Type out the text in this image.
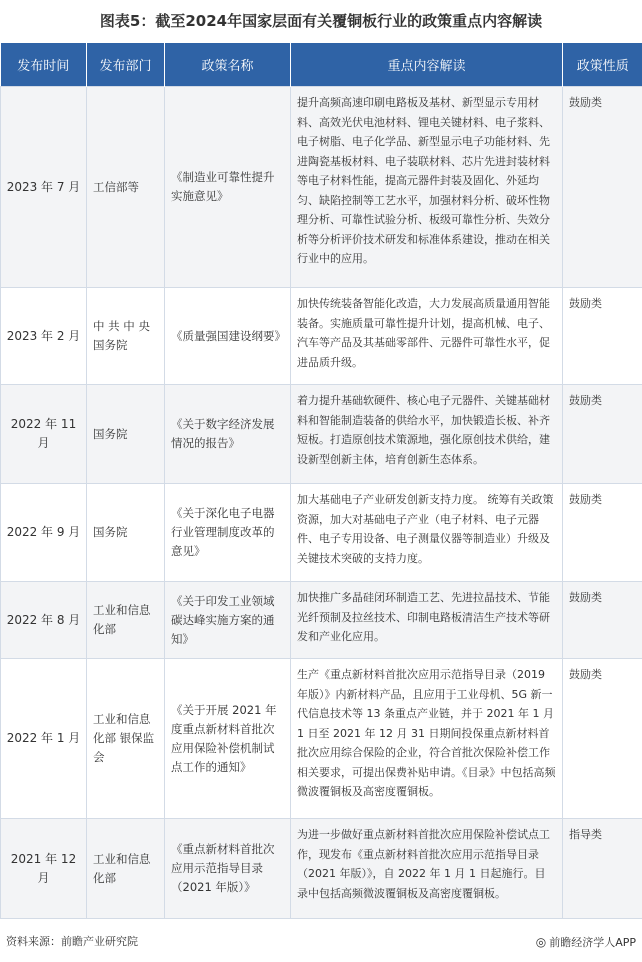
图表5：截至2024年国家层面有关覆铜板行业的政策重点内容解读
发布时间	发布部门	政策名称	重点内容解读	政策性质
2023 年 7 月	工信部等	《制造业可靠性提升实施意见》	提升高频高速印刷电路板及基材、新型显示专用材料、高效光伏电池材料、锂电关键材料、电子浆料、电子树脂、电子化学品、新型显示电子功能材料、先进陶瓷基板材料、电子装联材料、芯片先进封装材料等电子材料性能，提高元器件封装及固化、外延均匀、缺陷控制等工艺水平，加强材料分析、破坏性物理分析、可靠性试验分析、板级可靠性分析、失效分析等分析评价技术研发和标准体系建设，推动在相关行业中的应用。	鼓励类
2023 年 2 月	中 共 中 央 国务院	《质量强国建设纲要》	加快传统装备智能化改造，大力发展高质量通用智能装备。实施质量可靠性提升计划，提高机械、电子、汽车等产品及其基础零部件、元器件可靠性水平，促进品质升级。	鼓励类
2022 年 11 月	国务院	《关于数字经济发展情况的报告》	着力提升基础软硬件、核心电子元器件、关键基础材料和智能制造装备的供给水平，加快锻造长板、补齐短板。打造原创技术策源地，强化原创技术供给，建设新型创新主体，培育创新生态体系。	鼓励类
2022 年 9 月	国务院	《关于深化电子电器行业管理制度改革的意见》	加大基础电子产业研发创新支持力度。 统筹有关政策资源，加大对基础电子产业（电子材料、电子元器件、电子专用设备、电子测量仪器等制造业）升级及关键技术突破的支持力度。	鼓励类
2022 年 8 月	工业和信息化部	《关于印发工业领域碳达峰实施方案的通知》	加快推广多晶硅闭环制造工艺、先进拉晶技术、节能光纤预制及拉丝技术、印制电路板清洁生产技术等研发和产业化应用。	鼓励类
2022 年 1 月	工业和信息化部 银保监会	《关于开展 2021 年度重点新材料首批次应用保险补偿机制试点工作的通知》	生产《重点新材料首批次应用示范指导目录（2019 年版）》内新材料产品，且应用于工业母机、5G 新一代信息技术等 13 条重点产业链，并于 2021 年 1 月 1 日至 2021 年 12 月 31 日期间投保重点新材料首批次应用综合保险的企业，符合首批次保险补偿工作相关要求，可提出保费补贴申请。《目录》中包括高频微波覆铜板及高密度覆铜板。	鼓励类
2021 年 12 月	工业和信息化部	《重点新材料首批次应用示范指导目录（2021 年版）》	为进一步做好重点新材料首批次应用保险补偿试点工作，现发布《重点新材料首批次应用示范指导目录（2021 年版）》，自 2022 年 1 月 1 日起施行。目录中包括高频微波覆铜板及高密度覆铜板。	指导类
资料来源：前瞻产业研究院	◎ 前瞻经济学人APP
